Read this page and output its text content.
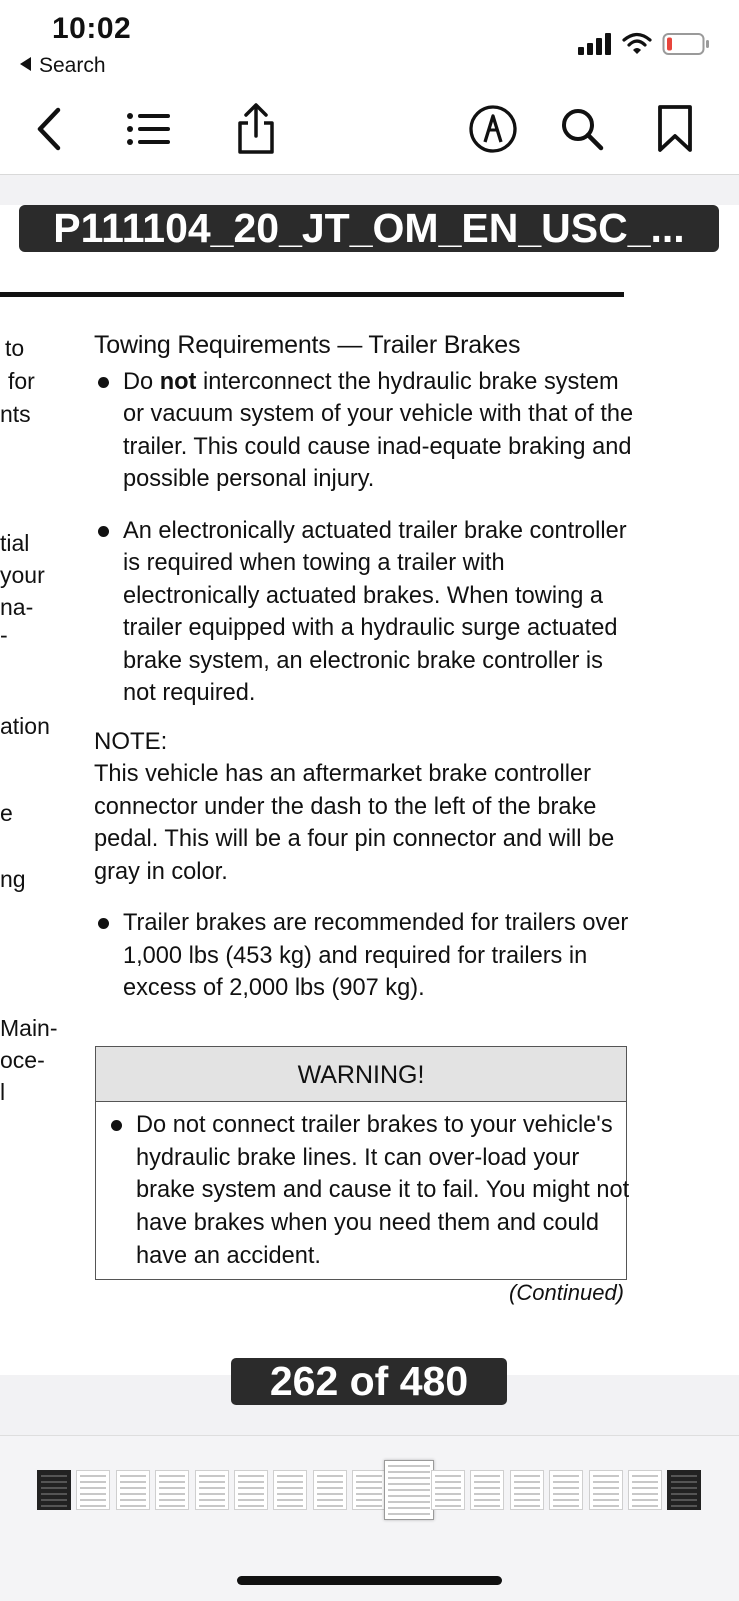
10:02
Search
P111104_20_JT_OM_EN_USC_...
to
for
nts
tial
your
na-
-
ation
e
ng
Main-
oce-
l
Towing Requirements — Trailer Brakes

Do not interconnect the hydraulic brake system or vacuum system of your vehicle with that of the trailer. This could cause inad-equate braking and possible personal injury.

An electronically actuated trailer brake controller is required when towing a trailer with electronically actuated brakes. When towing a trailer equipped with a hydraulic surge actuated brake system, an electronic brake controller is not required.

NOTE:

This vehicle has an aftermarket brake controller connector under the dash to the left of the brake pedal. This will be a four pin connector and will be gray in color.

Trailer brakes are recommended for trailers over 1,000 lbs (453 kg) and required for trailers in excess of 2,000 lbs (907 kg).

WARNING!

Do not connect trailer brakes to your vehicle's hydraulic brake lines. It can over-load your brake system and cause it to fail. You might not have brakes when you need them and could have an accident.

(Continued)
262 of 480
